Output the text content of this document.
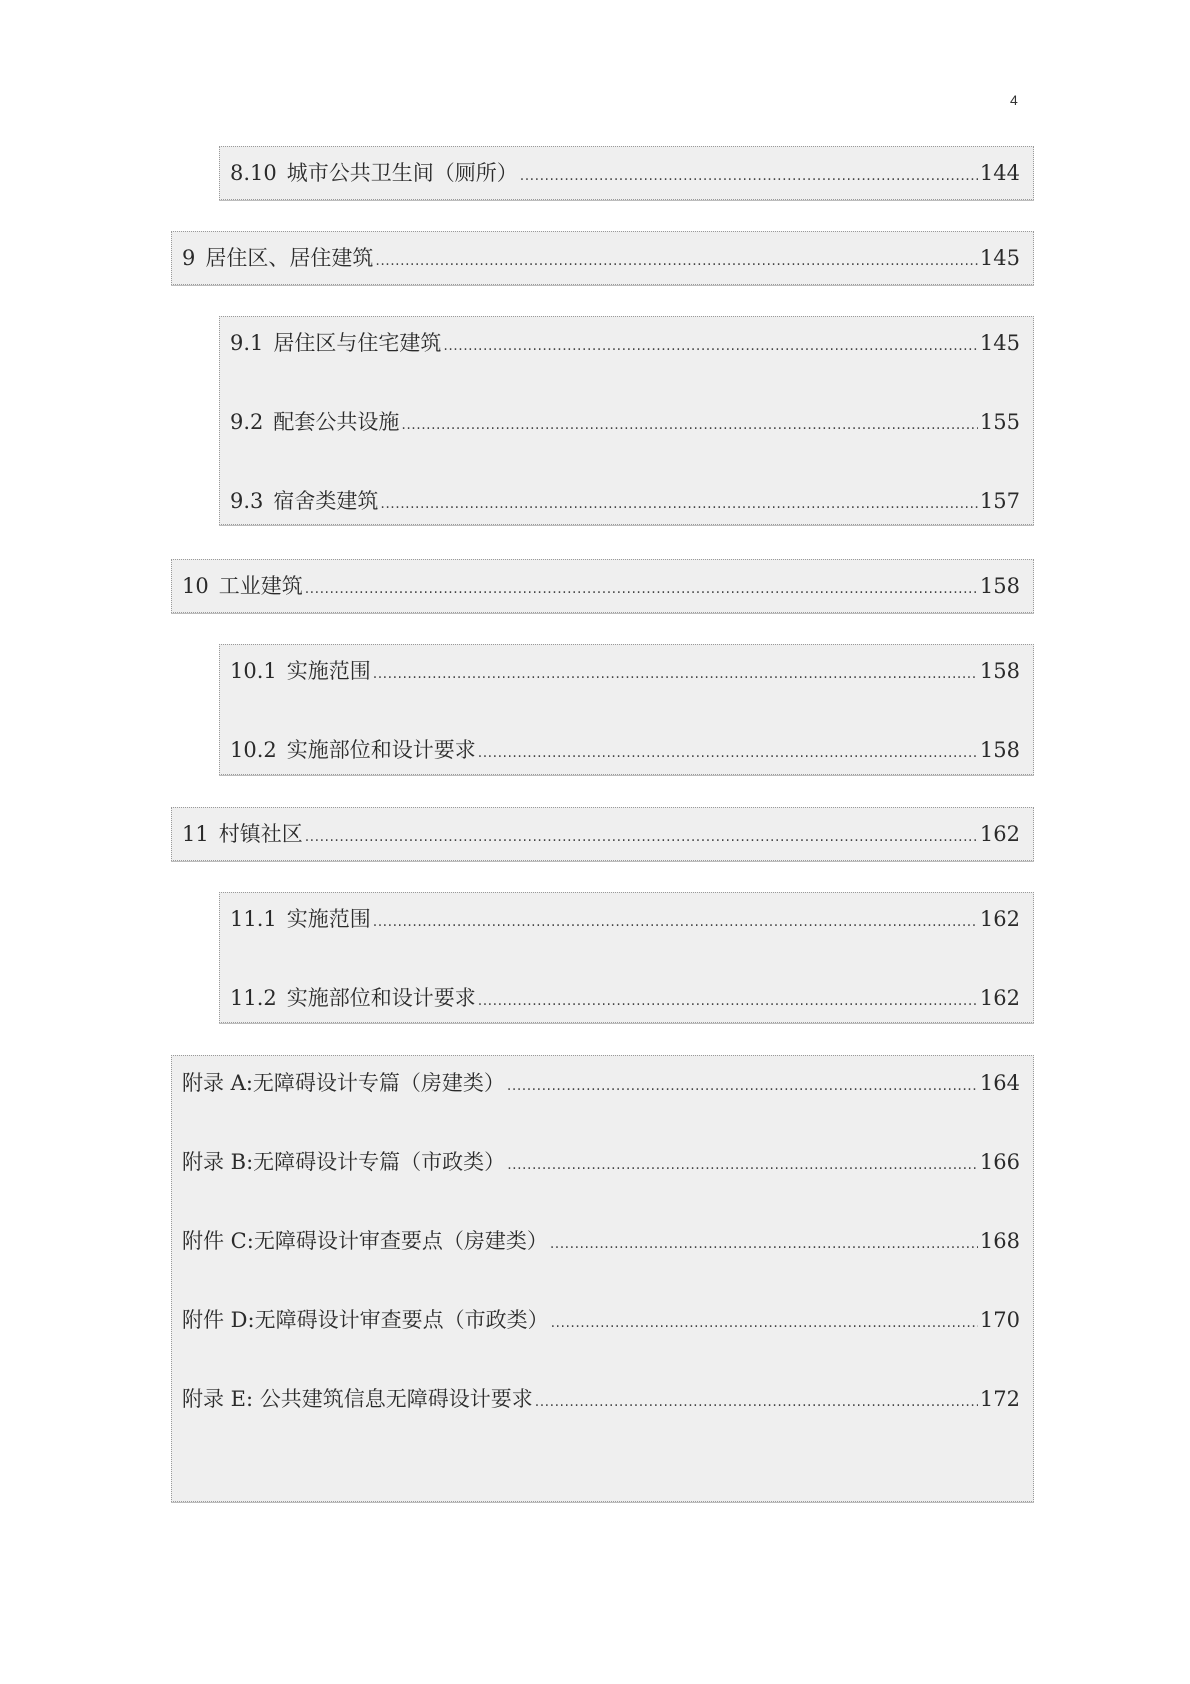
4
8.10 城市公共卫生间（厕所） .....	144
9 居住区、居住建筑 .....	145
9.1 居住区与住宅建筑 .....	145
9.2 配套公共设施 .....	155
9.3 宿舍类建筑 .....	157
10 工业建筑 .....	158
10.1 实施范围 .....	158
10.2 实施部位和设计要求 .....	158
11 村镇社区 .....	162
11.1 实施范围 .....	162
11.2 实施部位和设计要求 .....	162
附录 A:无障碍设计专篇（房建类） .....	164
附录 B:无障碍设计专篇（市政类） .....	166
附件 C:无障碍设计审查要点（房建类） .....	168
附件 D:无障碍设计审查要点（市政类） .....	170
附录 E: 公共建筑信息无障碍设计要求 .....	172
